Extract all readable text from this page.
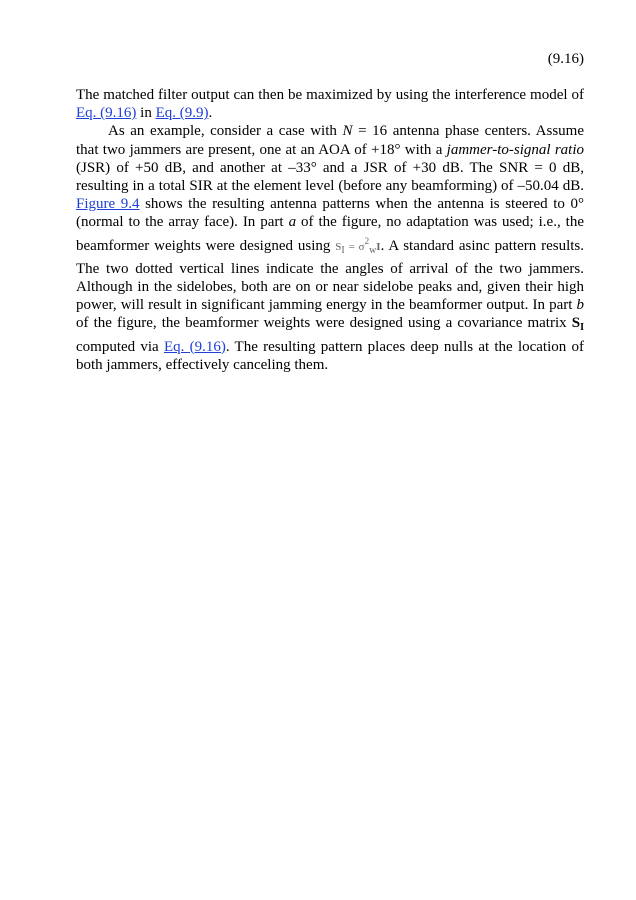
(9.16)

The matched filter output can then be maximized by using the interference model of Eq. (9.16) in Eq. (9.9).

As an example, consider a case with N = 16 antenna phase centers. Assume that two jammers are present, one at an AOA of +18° with a jammer-to-signal ratio (JSR) of +50 dB, and another at –33° and a JSR of +30 dB. The SNR = 0 dB, resulting in a total SIR at the element level (before any beamforming) of –50.04 dB. Figure 9.4 shows the resulting antenna patterns when the antenna is steered to 0° (normal to the array face). In part a of the figure, no adaptation was used; i.e., the beamformer weights were designed using SI = $\sigma^2wI$. A standard asinc pattern results. The two dotted vertical lines indicate the angles of arrival of the two jammers. Although in the sidelobes, both are on or near sidelobe peaks and, given their high power, will result in significant jamming energy in the beamformer output. In part b of the figure, the beamformer weights were designed using a covariance matrix $S_I$ computed via Eq. (9.16). The resulting pattern places deep nulls at the location of both jammers, effectively canceling them.
